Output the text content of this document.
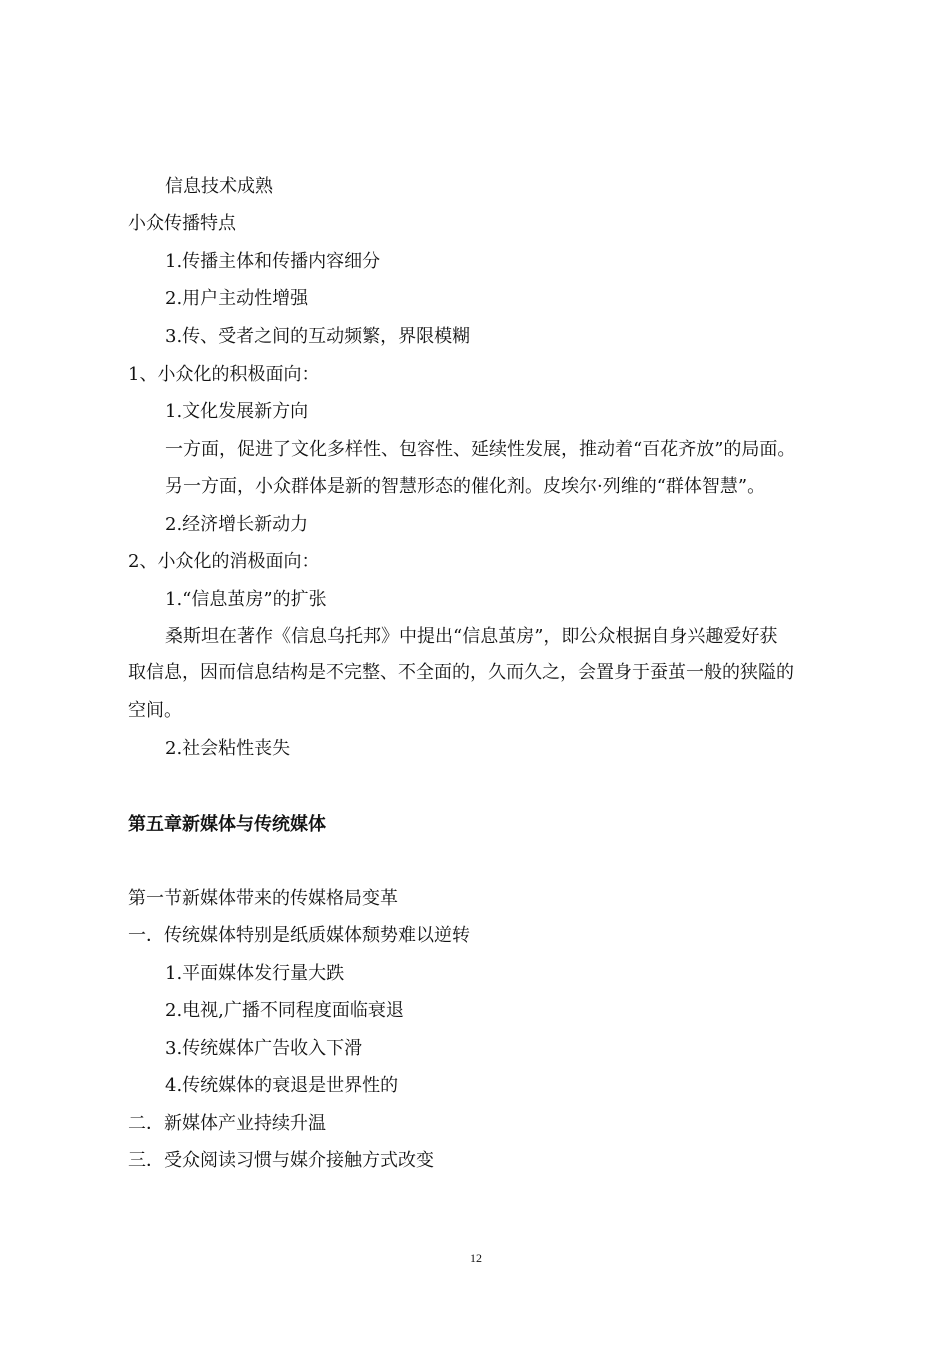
信息技术成熟
小众传播特点
1.传播主体和传播内容细分
2.用户主动性增强
3.传、受者之间的互动频繁，界限模糊
1、小众化的积极面向：
1.文化发展新方向
一方面，促进了文化多样性、包容性、延续性发展，推动着“百花齐放”的局面。
另一方面，小众群体是新的智慧形态的催化剂。皮埃尔·列维的“群体智慧”。
2.经济增长新动力
2、小众化的消极面向：
1.“信息茧房”的扩张
桑斯坦在著作《信息乌托邦》中提出“信息茧房”，即公众根据自身兴趣爱好获
取信息，因而信息结构是不完整、不全面的，久而久之，会置身于蚕茧一般的狭隘的
空间。
2.社会粘性丧失
第五章新媒体与传统媒体
第一节新媒体带来的传媒格局变革
一．传统媒体特别是纸质媒体颓势难以逆转
1.平面媒体发行量大跌
2.电视,广播不同程度面临衰退
3.传统媒体广告收入下滑
4.传统媒体的衰退是世界性的
二．新媒体产业持续升温
三．受众阅读习惯与媒介接触方式改变
12
